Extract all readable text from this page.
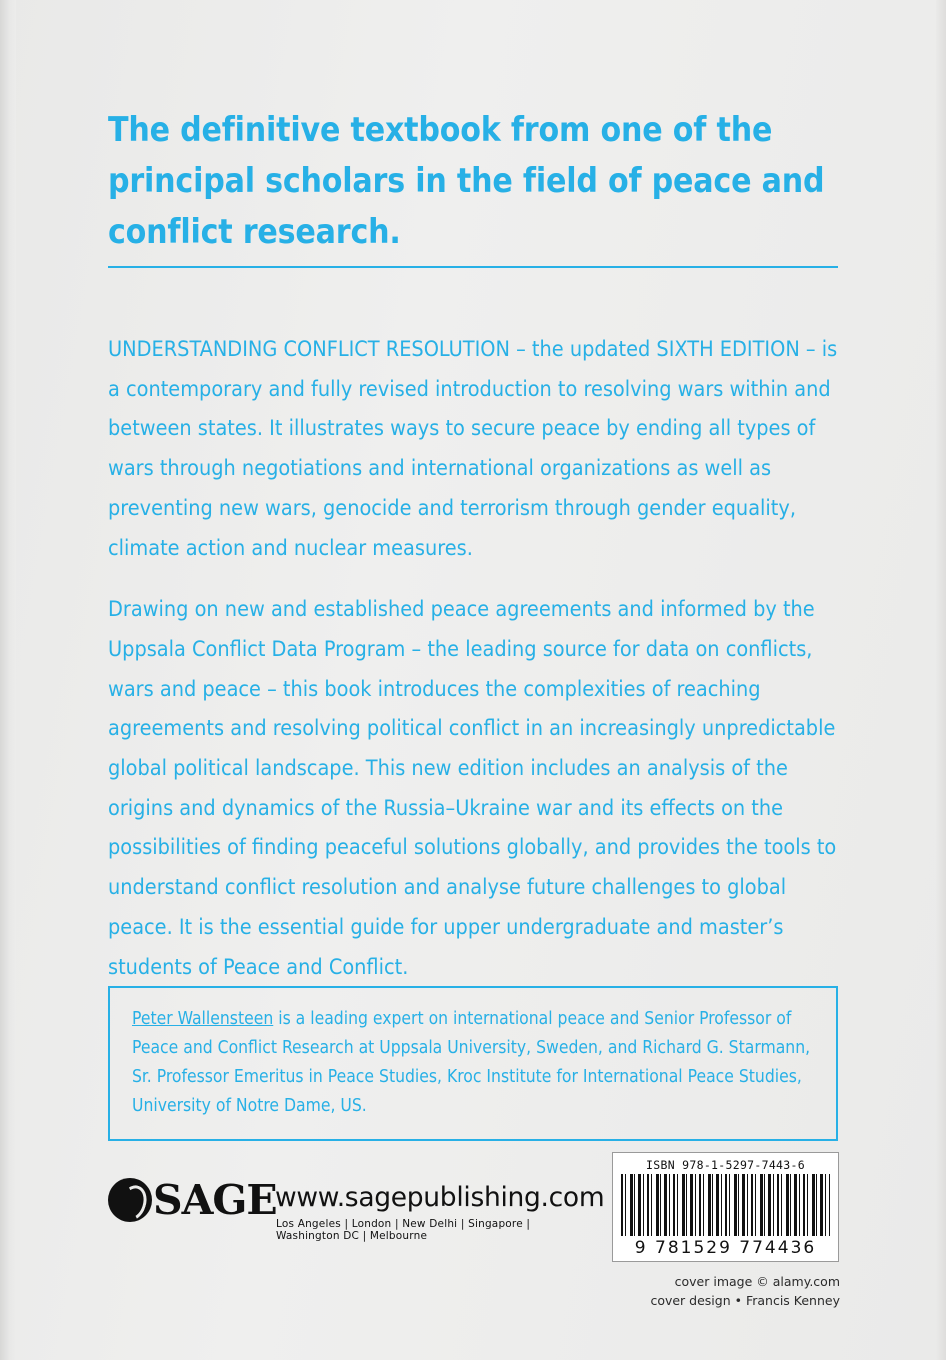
The definitive textbook from one of the principal scholars in the field of peace and conflict research.

UNDERSTANDING CONFLICT RESOLUTION – the updated SIXTH EDITION – is a contemporary and fully revised introduction to resolving wars within and between states. It illustrates ways to secure peace by ending all types of wars through negotiations and international organizations as well as preventing new wars, genocide and terrorism through gender equality, climate action and nuclear measures.

Drawing on new and established peace agreements and informed by the Uppsala Conflict Data Program – the leading source for data on conflicts, wars and peace – this book introduces the complexities of reaching agreements and resolving political conflict in an increasingly unpredictable global political landscape. This new edition includes an analysis of the origins and dynamics of the Russia–Ukraine war and its effects on the possibilities of finding peaceful solutions globally, and provides the tools to understand conflict resolution and analyse future challenges to global peace. It is the essential guide for upper undergraduate and master’s students of Peace and Conflict.

Peter Wallensteen is a leading expert on international peace and Senior Professor of Peace and Conflict Research at Uppsala University, Sweden, and Richard G. Starmann, Sr. Professor Emeritus in Peace Studies, Kroc Institute for International Peace Studies, University of Notre Dame, US.

SAGE
www.sagepublishing.com
Los Angeles | London | New Delhi | Singapore | Washington DC | Melbourne
ISBN 978-1-5297-7443-6
9 781529 774436
cover image © alamy.com
cover design • Francis Kenney
